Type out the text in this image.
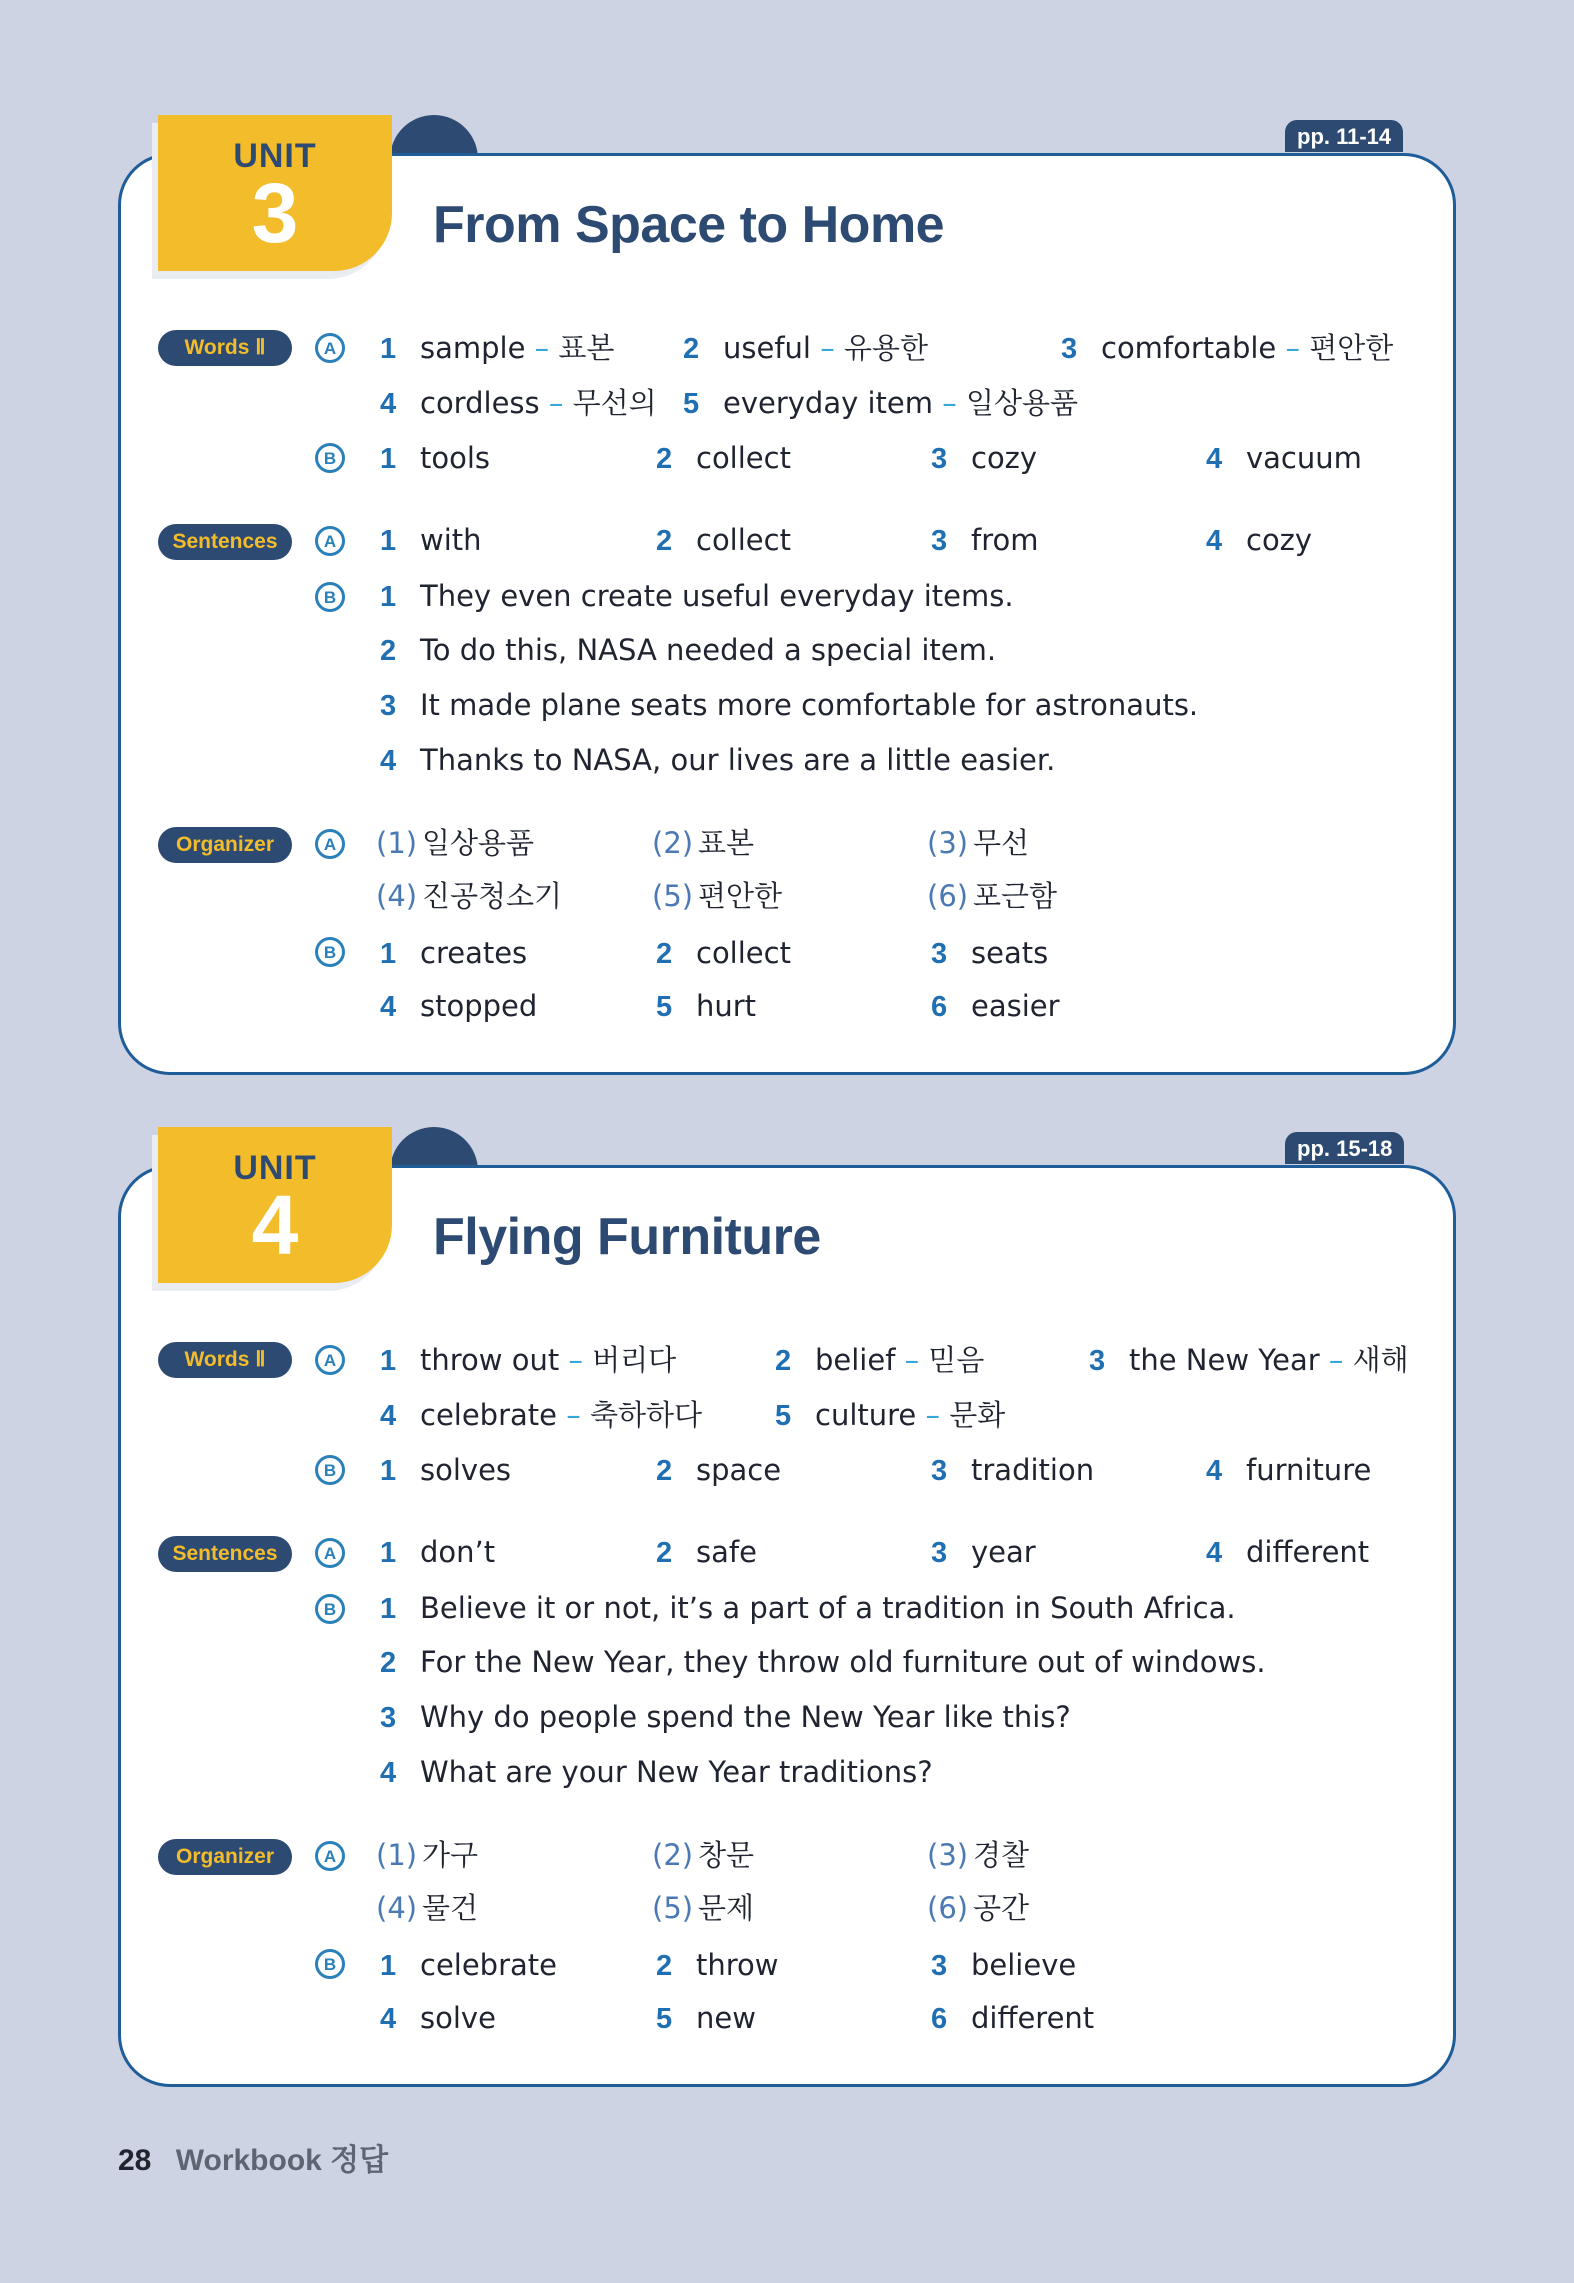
UNIT
3
pp. 11-14
From Space to Home
Words Ⅱ	A	1 sample – 표본 2 useful – 유용한	3 comfortable – 편안한
4 cordless – 무선의 5 everyday item – 일상용품
B	1 tools	2 collect	3 cozy	4 vacuum
Sentences	A	1 with	2 collect	3 from	4 cozy
B	1 They even create useful everyday items.
2 To do this, NASA needed a special item.
3 It made plane seats more comfortable for astronauts.
4 Thanks to NASA, our lives are a little easier.
Organizer	A	(1) 일상용품	(2) 표본	(3) 무선
(4) 진공청소기	(5) 편안한	(6) 포근함
B	1 creates	2 collect	3 seats
4 stopped	5 hurt	6 easier
UNIT
4
pp. 15-18
Flying Furniture
Words Ⅱ	A	1 throw out – 버리다	2 belief – 믿음	3 the New Year – 새해
4 celebrate – 축하하다	5 culture – 문화
B	1 solves	2 space	3 tradition	4 furniture
Sentences	A	1 don’t	2 safe	3 year	4 different
B	1 Believe it or not, it’s a part of a tradition in South Africa.
2 For the New Year, they throw old furniture out of windows.
3 Why do people spend the New Year like this?
4 What are your New Year traditions?
Organizer	A	(1) 가구	(2) 창문	(3) 경찰
(4) 물건	(5) 문제	(6) 공간
B	1 celebrate	2 throw	3 believe
4 solve	5 new	6 different
28 Workbook 정답
